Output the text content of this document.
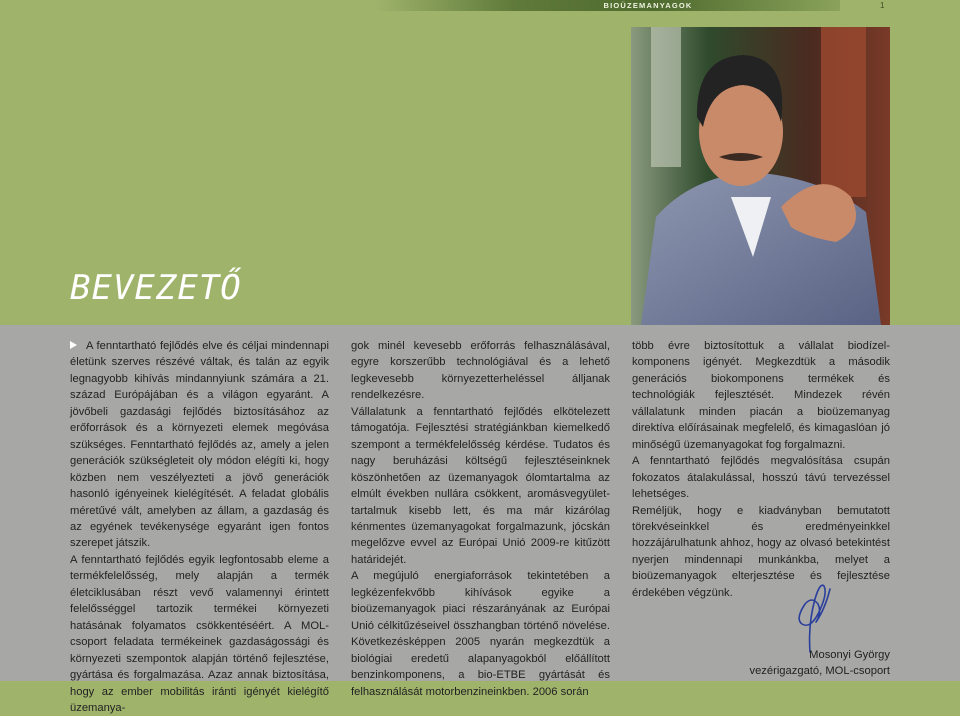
BIOÜZEMANYAGOK	1
BEVEZETŐ

A fenntartható fejlődés elve és céljai mindennapi életünk szerves részévé váltak, és talán az egyik legnagyobb kihívás mindannyiunk számára a 21. század Európájában és a világon egyaránt. A jövőbeli gazdasági fejlődés biztosításához az erőforrások és a környezeti elemek megóvása szükséges. Fenntartható fejlődés az, amely a jelen generációk szükségleteit oly módon elégíti ki, hogy közben nem veszélyezteti a jövő generációk hasonló igényeinek kielégítését. A feladat globális méretűvé vált, amelyben az állam, a gazdaság és az egyének tevékenysége egyaránt igen fontos szerepet játszik.

A fenntartható fejlődés egyik legfontosabb eleme a termékfelelősség, mely alapján a termék életciklusában részt vevő valamennyi érintett felelősséggel tartozik termékei környezeti hatásának folyamatos csökkentéséért. A MOL-csoport feladata termékeinek gazdaságossági és környezeti szempontok alapján történő fejlesztése, gyártása és forgalmazása. Azaz annak biztosítása, hogy az ember mobilitás iránti igényét kielégítő üzemanya-

gok minél kevesebb erőforrás felhasználásával, egyre korszerűbb technológiával és a lehető legkevesebb környezetterheléssel álljanak rendelkezésre.

Vállalatunk a fenntartható fejlődés elkötelezett támogatója. Fejlesztési stratégiánkban kiemelkedő szempont a termékfelelősség kérdése. Tudatos és nagy beruházási költségű fejlesztéseinknek köszönhetően az üzemanyagok ólomtartalma az elmúlt években nullára csökkent, aromásvegyület-tartalmuk kisebb lett, és ma már kizárólag kénmentes üzemanyagokat forgalmazunk, jócskán megelőzve evvel az Európai Unió 2009-re kitűzött határidejét.

A megújuló energiaforrások tekintetében a legkézenfekvőbb kihívások egyike a bioüzemanyagok piaci részarányának az Európai Unió célkitűzéseivel összhangban történő növelése. Következésképpen 2005 nyarán megkezdtük a biológiai eredetű alapanyagokból előállított benzinkomponens, a bio-ETBE gyártását és felhasználását motorbenzineinkben. 2006 során

több évre biztosítottuk a vállalat biodízel-komponens igényét. Megkezdtük a második generációs biokomponens termékek és technológiák fejlesztését. Mindezek révén vállalatunk minden piacán a bioüzemanyag direktíva előírásainak megfelelő, és kimagaslóan jó minőségű üzemanyagokat fog forgalmazni.

A fenntartható fejlődés megvalósítása csupán fokozatos átalakulással, hosszú távú tervezéssel lehetséges.

Reméljük, hogy e kiadványban bemutatott törekvéseinkkel és eredményeinkkel hozzájárulhatunk ahhoz, hogy az olvasó betekintést nyerjen mindennapi munkánkba, melyet a bioüzemanyagok elterjesztése és fejlesztése érdekében végzünk.

Mosonyi György
vezérigazgató, MOL-csoport
